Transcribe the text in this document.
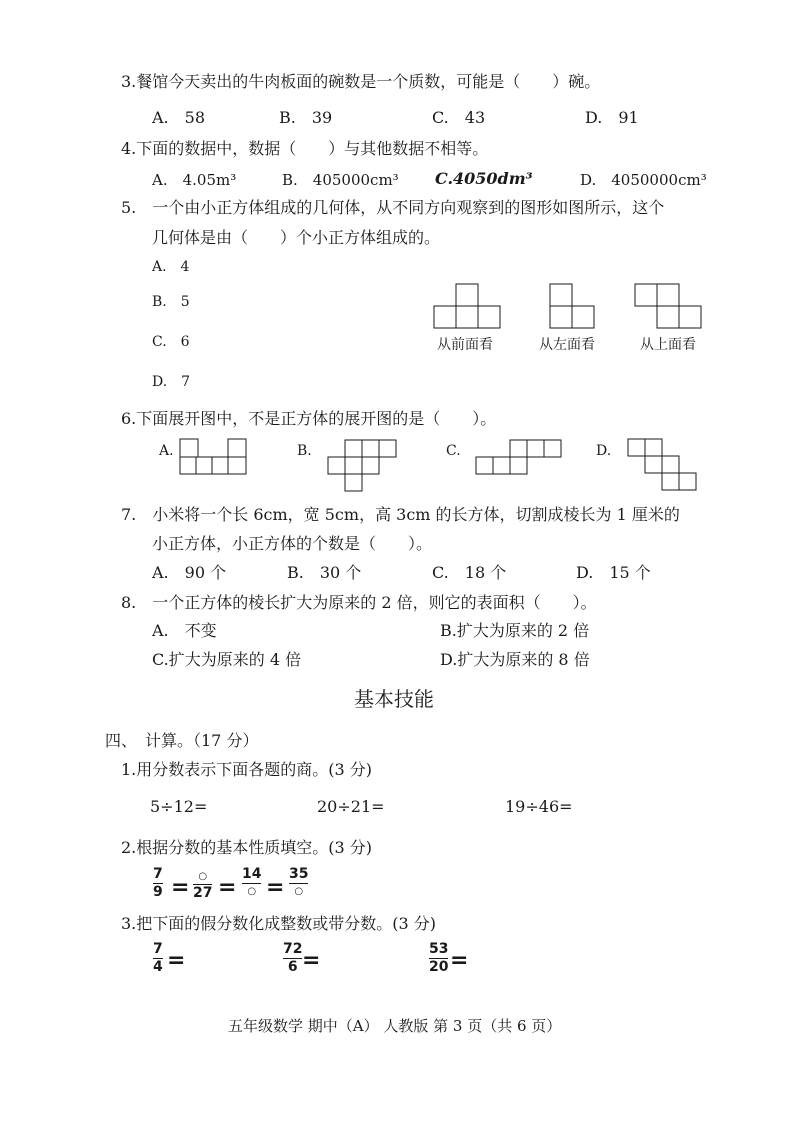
3.餐馆今天卖出的牛肉板面的碗数是一个质数，可能是（　　）碗。
A.　58	B.　39	C.　43	D.　91
4.下面的数据中，数据（　　）与其他数据不相等。
A.　4.05m³	B.　405000cm³ C.4050dm³	D.　4050000cm³
5.　一个由小正方体组成的几何体，从不同方向观察到的图形如图所示，这个
几何体是由（　　）个小正方体组成的。
A.　4
B.　5
C.　6
D.　7
从前面看	从左面看	从上面看
6.下面展开图中，不是正方体的展开图的是（　　）。
A.	B.	C.	D.
7.　小米将一个长 6cm，宽 5cm，高 3cm 的长方体，切割成棱长为 1 厘米的
小正方体，小正方体的个数是（　　）。
A.　90 个	B.　30 个	C.　18 个	D.　15 个
8.　一个正方体的棱长扩大为原来的 2 倍，则它的表面积（　　）。
A.　不变	B.扩大为原来的 2 倍
C.扩大为原来的 4 倍	D.扩大为原来的 8 倍
基本技能
四、　计算。（17 分）
1.用分数表示下面各题的商。(3 分)
5÷12=	20÷21=	19÷46=
2.根据分数的基本性质填空。(3 分)
7
9 = ○
27 =
14
○ =
35
○
3.把下面的假分数化成整数或带分数。(3 分)
7
4 =	72
6 =	53
20 =
五年级数学 期中（A） 人教版 第 3 页（共 6 页）
